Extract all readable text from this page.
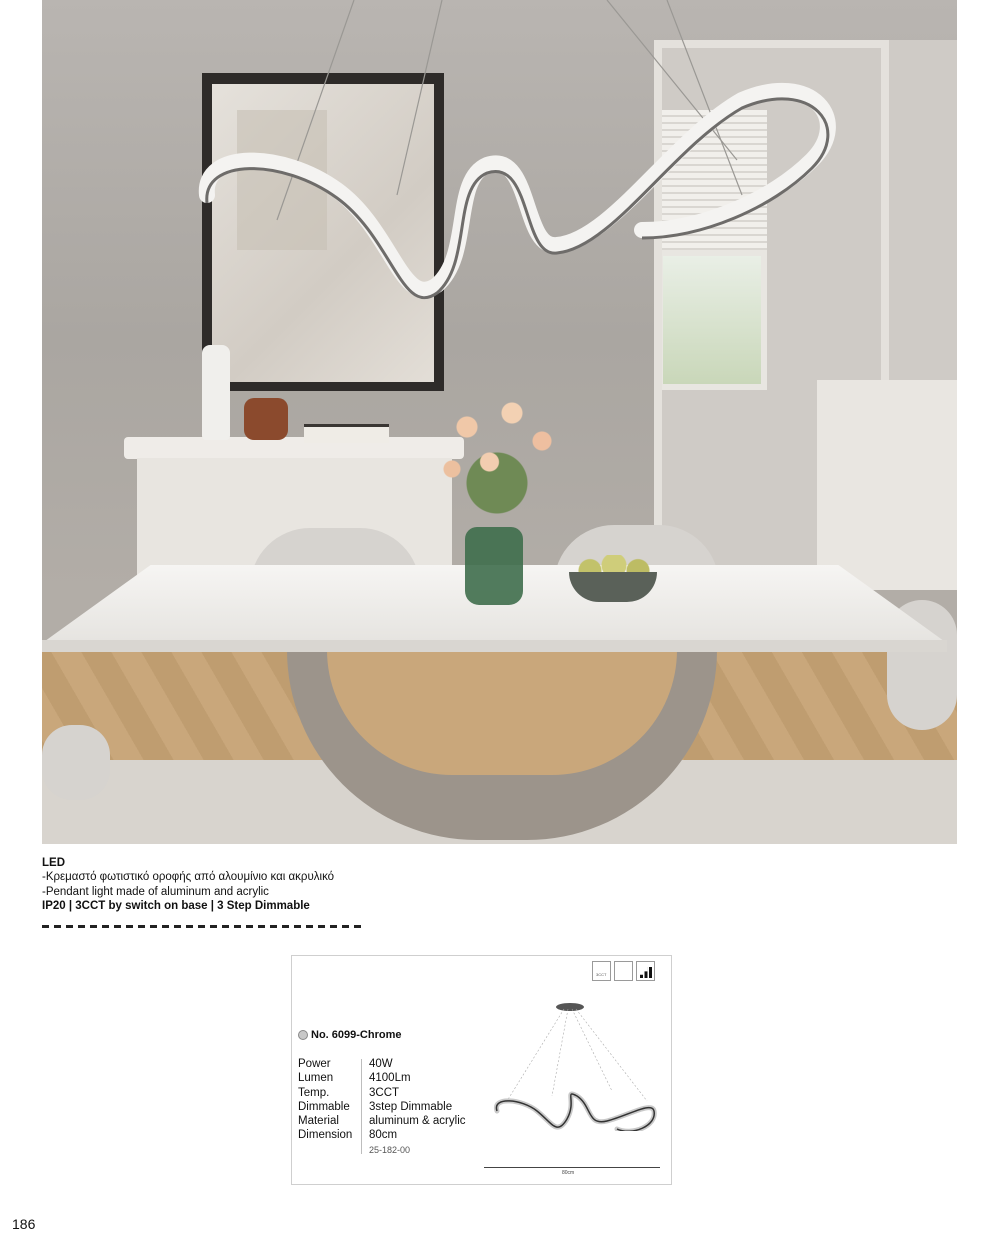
LED
-Κρεμαστό φωτιστικό οροφής από αλουμίνιο και ακρυλικό
-Pendant light made of aluminum and acrylic
IP20 | 3CCT by switch on base | 3 Step Dimmable
3CCT
No. 6099-Chrome
Power
Lumen
Temp.
Dimmable
Material
Dimension
40W
4100Lm
3CCT
3step Dimmable
aluminum & acrylic
80cm
25-182-00
80cm
186
